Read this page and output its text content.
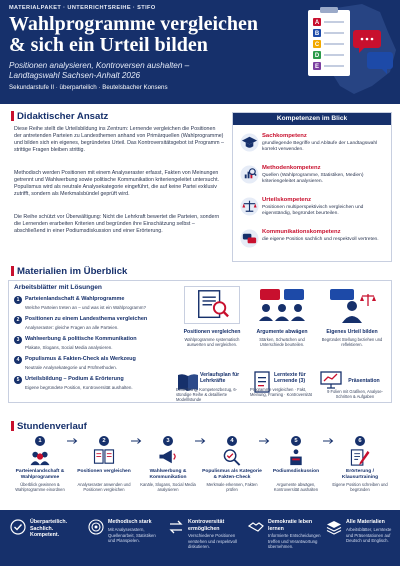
MATERIALPAKET · UNTERRICHTSREIHE · STIFO
Wahlprogramme vergleichen
& sich ein Urteil bilden
Positionen analysieren, Kontroversen aushalten –
Landtagswahl Sachsen-Anhalt 2026
Sekundarstufe II · überparteilich · Beutelsbacher Konsens
A
B
C
D
E
Didaktischer Ansatz
Diese Reihe stellt die Urteilsbildung ins Zentrum: Lernende vergleichen die Positionen der antretenden Parteien zu Landesthemen anhand von Primärquellen (Wahlprogramme) und bilden sich ein eigenes, begründetes Urteil. Das Kontroversitätsgebot ist Programm – strittige Fragen bleiben strittig.
Methodisch werden Positionen mit einem Analyseraster erfasst, Fakten von Meinungen getrennt und Wahlwerbung sowie politische Kommunikation kriteriengeleitet untersucht. Populismus wird als neutrale Analysekategorie eingeführt, die auf keine Partei exklusiv zutrifft, sondern als Merkmalsbündel geprüft wird.
Die Reihe schützt vor Überwältigung: Nicht die Lehrkraft bewertet die Parteien, sondern die Lernenden erarbeiten Kriterien und begründen ihre Einschätzung selbst – abschließend in einer Podiumsdiskussion und einer Erörterung.
Kompetenzen im Blick
Sachkompetenz
grundlegende Begriffe und Abläufe der Landtagswahl korrekt verwenden.
Methodenkompetenz
Quellen (Wahlprogramme, Statistiken, Medien) kriteriengeleitet analysieren.
Urteilskompetenz
Positionen multiperspektivisch vergleichen und eigenständig, begründet beurteilen.
Kommunikationskompetenz
die eigene Position sachlich und respektvoll vertreten.
Materialien im Überblick
Arbeitsblätter mit Lösungen
1	Parteienlandschaft & Wahlprogramme
Welche Parteien treten an – und was ist ein Wahlprogramm?
2	Positionen zu einem Landesthema vergleichen
Analyseraster: gleiche Fragen an alle Parteien.
3	Wahlwerbung & politische Kommunikation
Plakate, Slogans, Social Media analysieren.
4	Populismus & Fakten-Check als Werkzeug
Neutrale Analysekategorie und Prüfmethoden.
5	Urteilsbildung – Podium & Erörterung
Eigene begründete Position, Kontroversität aushalten.
Positionen vergleichen
Wahlprogramme systematisch auswerten und vergleichen.
Argumente abwägen
Stärken, Schwächen und Unterschiede beurteilen.
Eigenes Urteil bilden
Begründet Stellung beziehen und reflektieren.
Verlaufsplan für Lehrkräfte
Einordnung, Kompetenzbezug, 6-stündige Reihe & detaillierte Modelllstunde
Lerntexte für Lernende (3)
Programme vergleichen · Fakt, Meinung, Framing · Kontroversität
Präsentation
9 Folien mit Grafiken, Analyse-Schritten & Aufgaben
Stundenverlauf
1
Parteienlandschaft & Wahlprogramme
Überblick gewinnen & Wahlprogramme einordnen
2
Positionen vergleichen
Analyseraster anwenden und Positionen vergleichen
3
Wahlwerbung & Kommunikation
Kanäle, Slogans, Social Media analysieren
4
Populismus als Kategorie & Fakten-Check
Merkmale erkennen, Fakten prüfen
5
Podiumsdiskussion
Argumente abwägen, Kontroversität aushalten
6
Erörterung / Klausurtraining
Eigene Position schreiben und begründen
Überparteilich. Sachlich. Kompetent.
Methodisch stark
Mit Analyserastern, Quellenarbeit, Statistiken und Planspielen.
Kontroversität ermöglichen
Verschiedene Positionen verstehen und respektvoll diskutieren.
Demokratie leben lernen
Informierte Entscheidungen treffen und Verantwortung übernehmen.
Alle Materialien
Arbeitsblätter, Lerntexte und Präsentationen auf Deutsch und Englisch.
